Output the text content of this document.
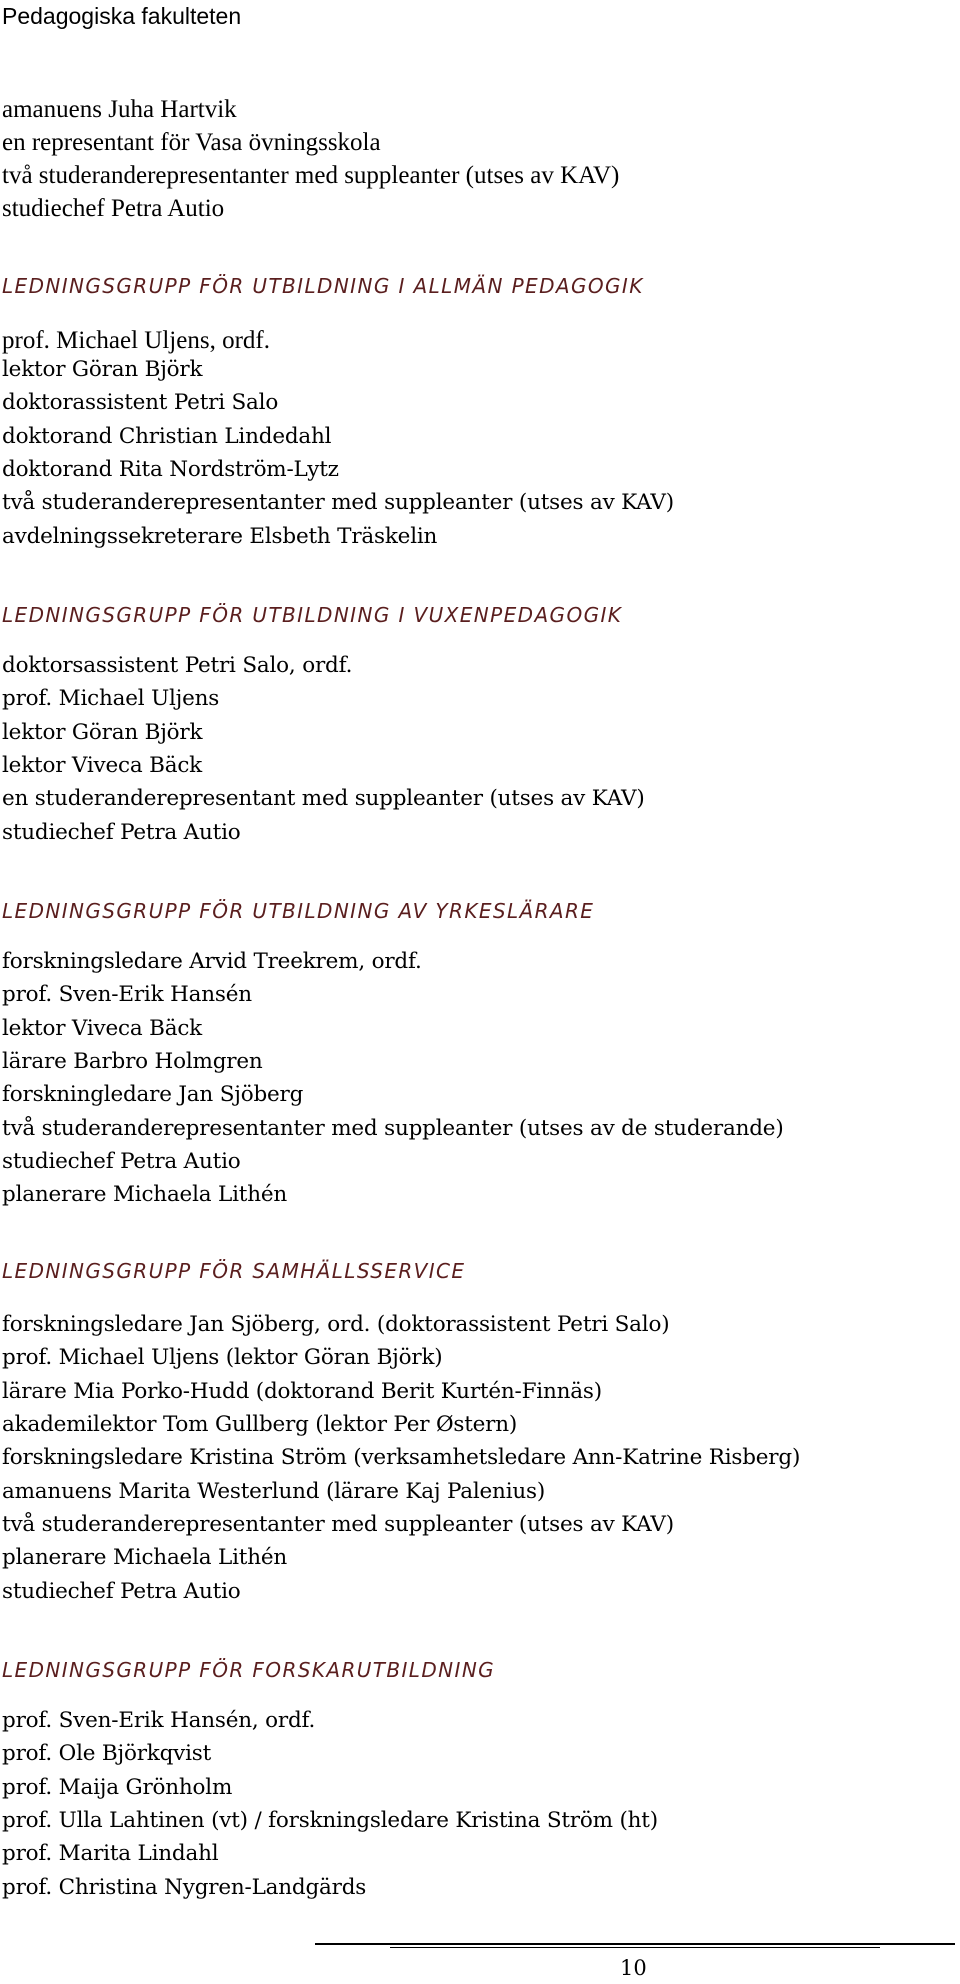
Pedagogiska fakulteten
amanuens Juha Hartvik
en representant för Vasa övningsskola
två studeranderepresentanter med suppleanter (utses av KAV)
studiechef Petra Autio
LEDNINGSGRUPP FÖR UTBILDNING I ALLMÄN PEDAGOGIK
prof. Michael Uljens, ordf.
lektor Göran Björk
doktorassistent Petri Salo
doktorand Christian Lindedahl
doktorand Rita Nordström-Lytz
två studeranderepresentanter med suppleanter (utses av KAV)
avdelningssekreterare Elsbeth Träskelin
LEDNINGSGRUPP FÖR UTBILDNING I VUXENPEDAGOGIK
doktorsassistent Petri Salo, ordf.
prof. Michael Uljens
lektor Göran Björk
lektor Viveca Bäck
en studeranderepresentant med suppleanter (utses av KAV)
studiechef Petra Autio
LEDNINGSGRUPP FÖR UTBILDNING AV YRKESLÄRARE
forskningsledare Arvid Treekrem, ordf.
prof. Sven-Erik Hansén
lektor Viveca Bäck
lärare Barbro Holmgren
forskningledare Jan Sjöberg
två studeranderepresentanter med suppleanter (utses av de studerande)
studiechef Petra Autio
planerare Michaela Lithén
LEDNINGSGRUPP FÖR SAMHÄLLSSERVICE
forskningsledare Jan Sjöberg, ord. (doktorassistent Petri Salo)
prof. Michael Uljens (lektor Göran Björk)
lärare Mia Porko-Hudd (doktorand Berit Kurtén-Finnäs)
akademilektor Tom Gullberg (lektor Per Østern)
forskningsledare Kristina Ström (verksamhetsledare Ann-Katrine Risberg)
amanuens Marita Westerlund (lärare Kaj Palenius)
två studeranderepresentanter med suppleanter (utses av KAV)
planerare Michaela Lithén
studiechef Petra Autio
LEDNINGSGRUPP FÖR FORSKARUTBILDNING
prof. Sven-Erik Hansén, ordf.
prof. Ole Björkqvist
prof. Maija Grönholm
prof. Ulla Lahtinen (vt) / forskningsledare Kristina Ström (ht)
prof. Marita Lindahl
prof. Christina Nygren-Landgärds
10
